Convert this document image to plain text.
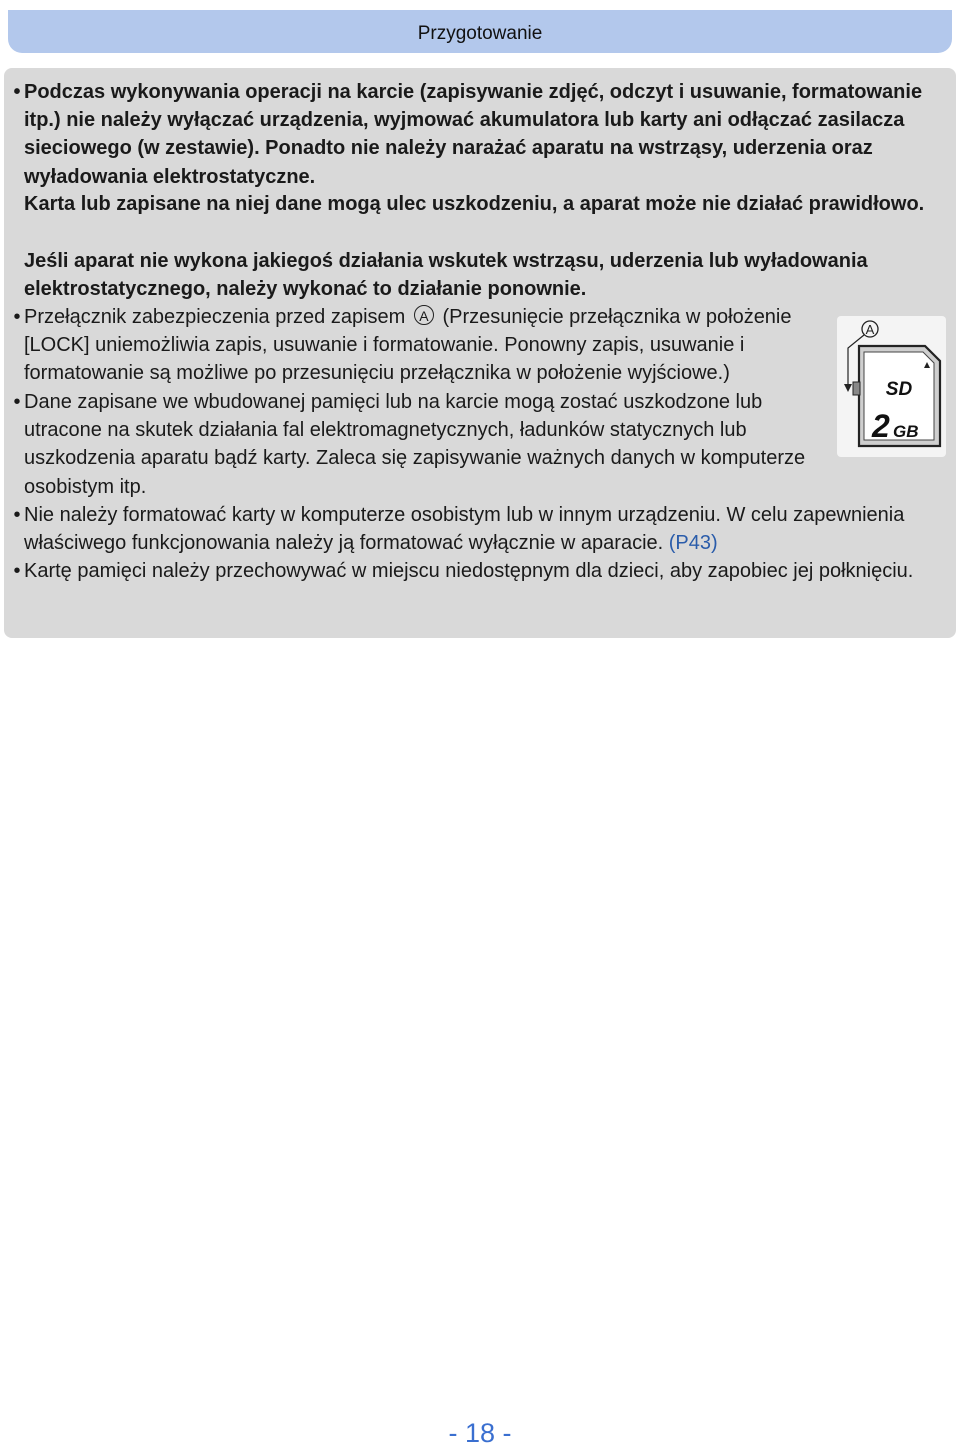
Przygotowanie

• Podczas wykonywania operacji na karcie (zapisywanie zdjęć, odczyt i usuwanie, formatowanie itp.) nie należy wyłączać urządzenia, wyjmować akumulatora lub karty ani odłączać zasilacza sieciowego (w zestawie). Ponadto nie należy narażać aparatu na wstrząsy, uderzenia oraz wyładowania elektrostatyczne.

Karta lub zapisane na niej dane mogą ulec uszkodzeniu, a aparat może nie działać prawidłowo.

Jeśli aparat nie wykona jakiegoś działania wskutek wstrząsu, uderzenia lub wyładowania elektrostatycznego, należy wykonać to działanie ponownie.

• Przełącznik zabezpieczenia przed zapisem A (Przesunięcie przełącznika w położenie [LOCK] uniemożliwia zapis, usuwanie i formatowanie. Ponowny zapis, usuwanie i formatowanie są możliwe po przesunięciu przełącznika w położenie wyjściowe.)

• Dane zapisane we wbudowanej pamięci lub na karcie mogą zostać uszkodzone lub utracone na skutek działania fal elektromagnetycznych, ładunków statycznych lub uszkodzenia aparatu bądź karty. Zaleca się zapisywanie ważnych danych w komputerze osobistym itp.

• Nie należy formatować karty w komputerze osobistym lub w innym urządzeniu. W celu zapewnienia właściwego funkcjonowania należy ją formatować wyłącznie w aparacie. (P43)

• Kartę pamięci należy przechowywać w miejscu niedostępnym dla dzieci, aby zapobiec jej połknięciu.

A
SD
2 GB
- 18 -
